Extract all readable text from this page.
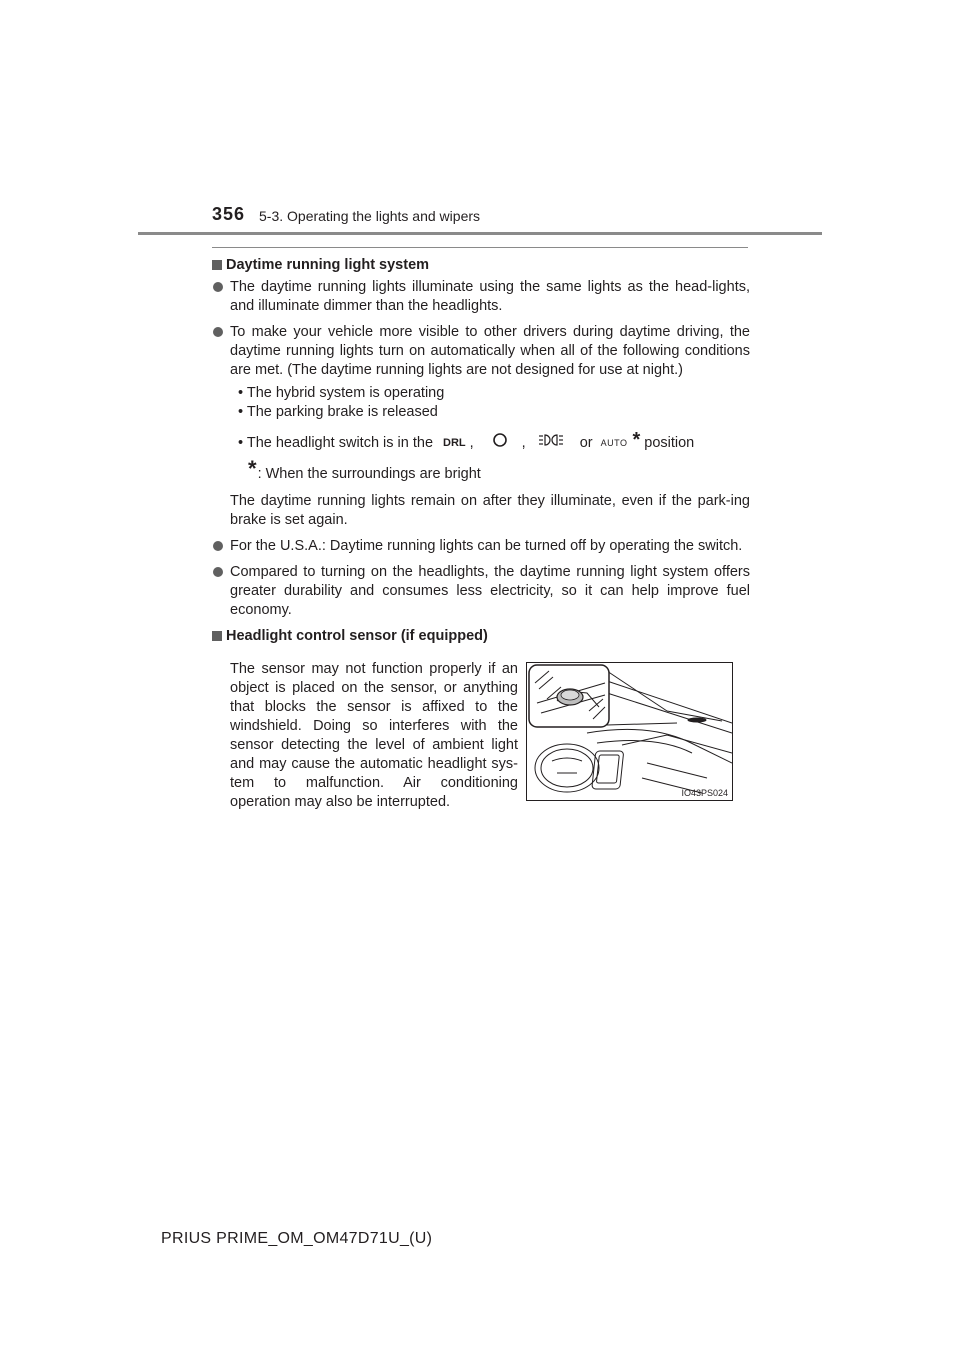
356 5-3. Operating the lights and wipers
Daytime running light system
The daytime running lights illuminate using the same lights as the head-lights, and illuminate dimmer than the headlights.
To make your vehicle more visible to other drivers during daytime driving, the daytime running lights turn on automatically when all of the following conditions are met. (The daytime running lights are not designed for use at night.)
• The hybrid system is operating
• The parking brake is released
• The headlight switch is in the DRL ,	,	or AUTO * position
* : When the surroundings are bright
The daytime running lights remain on after they illuminate, even if the park-ing brake is set again.
For the U.S.A.: Daytime running lights can be turned off by operating the switch.
Compared to turning on the headlights, the daytime running light system offers greater durability and consumes less electricity, so it can help improve fuel economy.
Headlight control sensor (if equipped)
The sensor may not function properly if an object is placed on the sensor, or anything that blocks the sensor is affixed to the windshield. Doing so interferes with the sensor detecting the level of ambient light and may cause the automatic headlight sys-tem to malfunction. Air conditioning operation may also be interrupted.
IO43PS024
PRIUS PRIME_OM_OM47D71U_(U)
